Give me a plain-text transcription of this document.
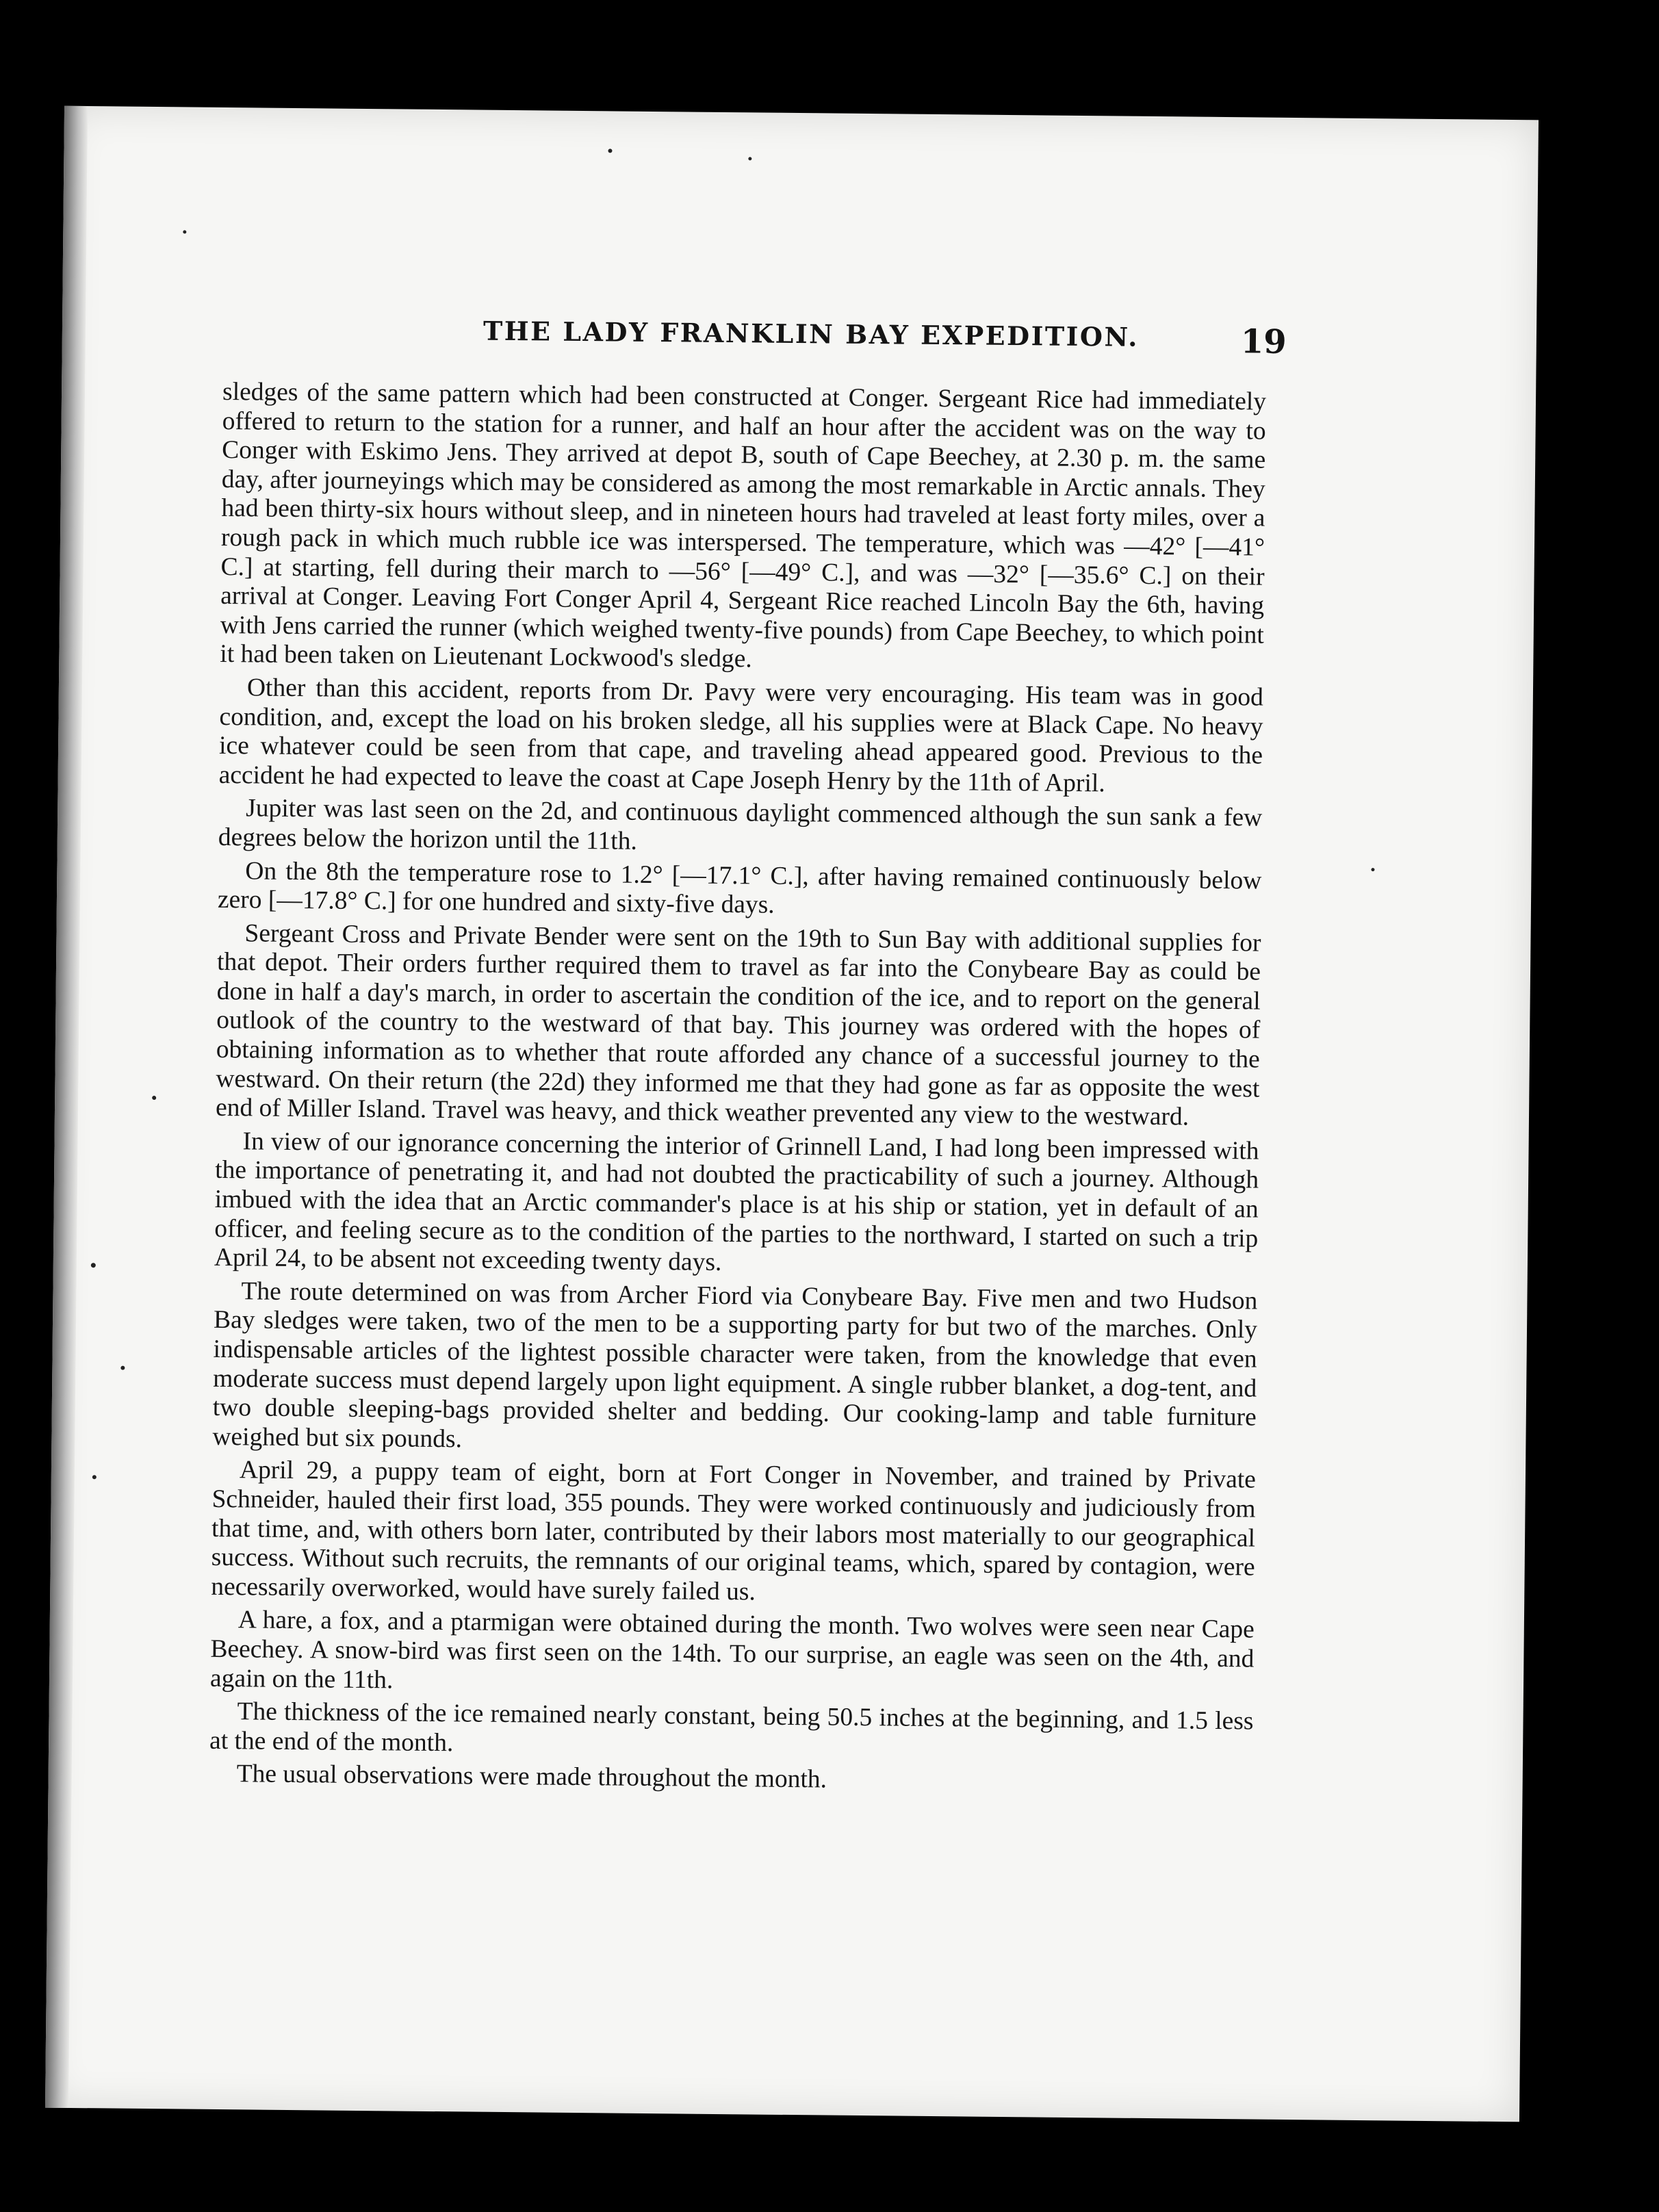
THE LADY FRANKLIN BAY EXPEDITION.	19

sledges of the same pattern which had been constructed at Conger. Sergeant Rice had immediately offered to return to the station for a runner, and half an hour after the accident was on the way to Conger with Eskimo Jens. They arrived at depot B, south of Cape Beechey, at 2.30 p. m. the same day, after journeyings which may be considered as among the most remarkable in Arctic annals. They had been thirty-six hours without sleep, and in nineteen hours had traveled at least forty miles, over a rough pack in which much rubble ice was interspersed. The temperature, which was —42° [—41° C.] at starting, fell during their march to —56° [—49° C.], and was —32° [—35.6° C.] on their arrival at Conger. Leaving Fort Conger April 4, Sergeant Rice reached Lincoln Bay the 6th, having with Jens carried the runner (which weighed twenty-five pounds) from Cape Beechey, to which point it had been taken on Lieutenant Lockwood's sledge.

Other than this accident, reports from Dr. Pavy were very encouraging. His team was in good condition, and, except the load on his broken sledge, all his supplies were at Black Cape. No heavy ice whatever could be seen from that cape, and traveling ahead appeared good. Previous to the accident he had expected to leave the coast at Cape Joseph Henry by the 11th of April.

Jupiter was last seen on the 2d, and continuous daylight commenced although the sun sank a few degrees below the horizon until the 11th.

On the 8th the temperature rose to 1.2° [—17.1° C.], after having remained continuously below zero [—17.8° C.] for one hundred and sixty-five days.

Sergeant Cross and Private Bender were sent on the 19th to Sun Bay with additional supplies for that depot. Their orders further required them to travel as far into the Conybeare Bay as could be done in half a day's march, in order to ascertain the condition of the ice, and to report on the general outlook of the country to the westward of that bay. This journey was ordered with the hopes of obtaining information as to whether that route afforded any chance of a successful journey to the westward. On their return (the 22d) they informed me that they had gone as far as opposite the west end of Miller Island. Travel was heavy, and thick weather prevented any view to the westward.

In view of our ignorance concerning the interior of Grinnell Land, I had long been impressed with the importance of penetrating it, and had not doubted the practicability of such a journey. Although imbued with the idea that an Arctic commander's place is at his ship or station, yet in default of an officer, and feeling secure as to the condition of the parties to the northward, I started on such a trip April 24, to be absent not exceeding twenty days.

The route determined on was from Archer Fiord via Conybeare Bay. Five men and two Hudson Bay sledges were taken, two of the men to be a supporting party for but two of the marches. Only indispensable articles of the lightest possible character were taken, from the knowledge that even moderate success must depend largely upon light equipment. A single rubber blanket, a dog-tent, and two double sleeping-bags provided shelter and bedding. Our cooking-lamp and table furniture weighed but six pounds.

April 29, a puppy team of eight, born at Fort Conger in November, and trained by Private Schneider, hauled their first load, 355 pounds. They were worked continuously and judiciously from that time, and, with others born later, contributed by their labors most materially to our geographical success. Without such recruits, the remnants of our original teams, which, spared by contagion, were necessarily overworked, would have surely failed us.

A hare, a fox, and a ptarmigan were obtained during the month. Two wolves were seen near Cape Beechey. A snow-bird was first seen on the 14th. To our surprise, an eagle was seen on the 4th, and again on the 11th.

The thickness of the ice remained nearly constant, being 50.5 inches at the beginning, and 1.5 less at the end of the month.

The usual observations were made throughout the month.
